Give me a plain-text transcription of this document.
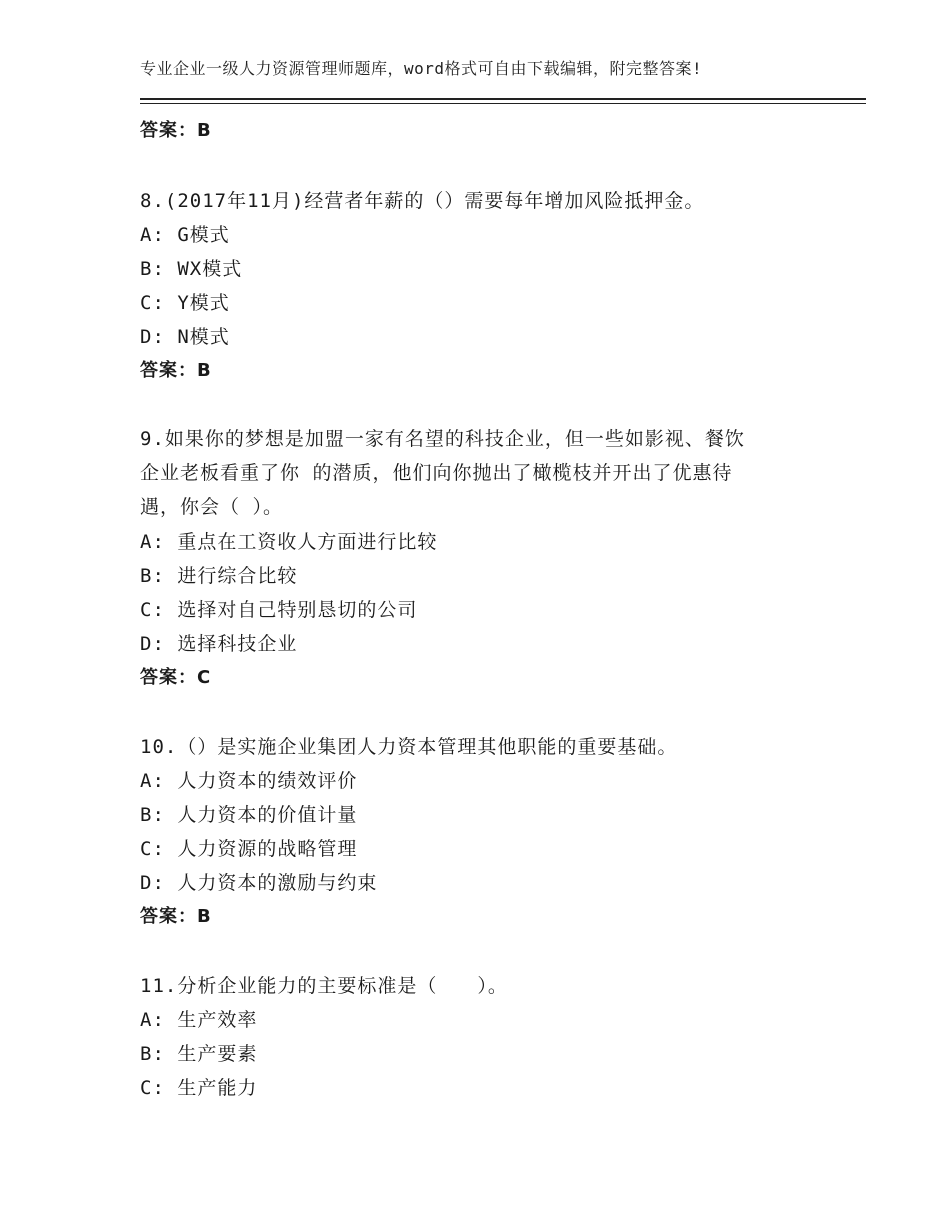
专业企业一级人力资源管理师题库，word格式可自由下载编辑，附完整答案!
答案：B
8.(2017年11月)经营者年薪的（）需要每年增加风险抵押金。
A: G模式
B: WX模式
C: Y模式
D: N模式
答案：B
9.如果你的梦想是加盟一家有名望的科技企业，但一些如影视、餐饮
企业老板看重了你 的潜质，他们向你抛出了橄榄枝并开出了优惠待
遇，你会（ ）。
A: 重点在工资收人方面进行比较
B: 进行综合比较
C: 选择对自己特别恳切的公司
D: 选择科技企业
答案：C
10.（）是实施企业集团人力资本管理其他职能的重要基础。
A: 人力资本的绩效评价
B: 人力资本的价值计量
C: 人力资源的战略管理
D: 人力资本的激励与约束
答案：B
11.分析企业能力的主要标准是（　　）。
A: 生产效率
B: 生产要素
C: 生产能力
